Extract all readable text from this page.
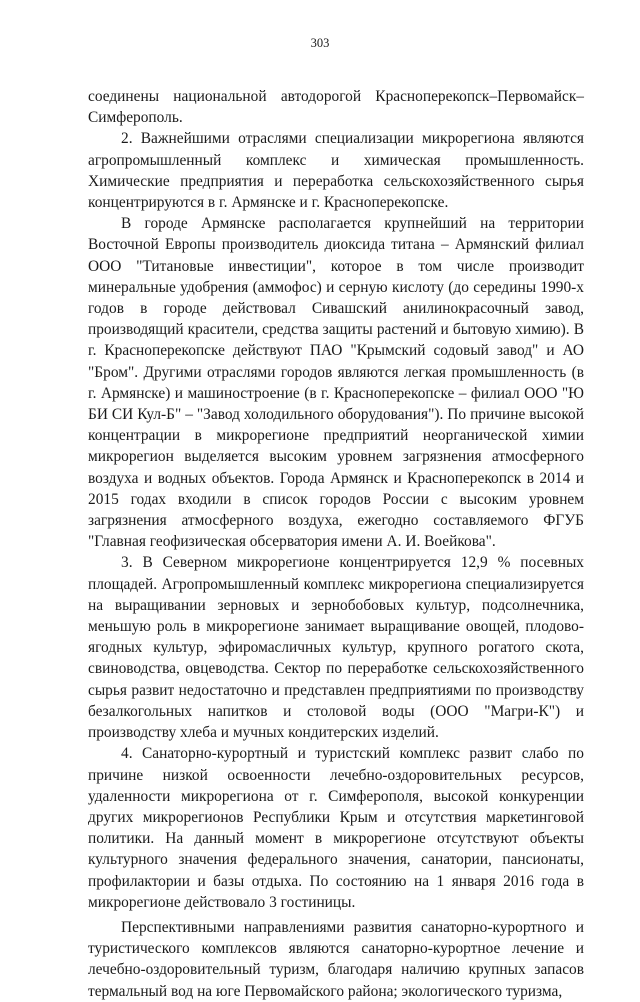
303

соединены национальной автодорогой Красноперекопск–Первомайск–Симферополь.

2. Важнейшими отраслями специализации микрорегиона являются агропромышленный комплекс и химическая промышленность. Химические предприятия и переработка сельскохозяйственного сырья концентрируются в г. Армянске и г. Красноперекопске.

В городе Армянске располагается крупнейший на территории Восточной Европы производитель диоксида титана – Армянский филиал ООО "Титановые инвестиции", которое в том числе производит минеральные удобрения (аммофос) и серную кислоту (до середины 1990-х годов в городе действовал Сивашский анилинокрасочный завод, производящий красители, средства защиты растений и бытовую химию). В г. Красноперекопске действуют ПАО "Крымский содовый завод" и АО "Бром". Другими отраслями городов являются легкая промышленность (в г. Армянске) и машиностроение (в г. Красноперекопске – филиал ООО "Ю БИ СИ Кул-Б" – "Завод холодильного оборудования"). По причине высокой концентрации в микрорегионе предприятий неорганической химии микрорегион выделяется высоким уровнем загрязнения атмосферного воздуха и водных объектов. Города Армянск и Красноперекопск в 2014 и 2015 годах входили в список городов России с высоким уровнем загрязнения атмосферного воздуха, ежегодно составляемого ФГУБ "Главная геофизическая обсерватория имени А. И. Воейкова".

3. В Северном микрорегионе концентрируется 12,9 % посевных площадей. Агропромышленный комплекс микрорегиона специализируется на выращивании зерновых и зернобобовых культур, подсолнечника, меньшую роль в микрорегионе занимает выращивание овощей, плодово-ягодных культур, эфиромасличных культур, крупного рогатого скота, свиноводства, овцеводства. Сектор по переработке сельскохозяйственного сырья развит недостаточно и представлен предприятиями по производству безалкогольных напитков и столовой воды (ООО "Магри-К") и производству хлеба и мучных кондитерских изделий.

4. Санаторно-курортный и туристский комплекс развит слабо по причине низкой освоенности лечебно-оздоровительных ресурсов, удаленности микрорегиона от г. Симферополя, высокой конкуренции других микрорегионов Республики Крым и отсутствия маркетинговой политики. На данный момент в микрорегионе отсутствуют объекты культурного значения федерального значения, санатории, пансионаты, профилактории и базы отдыха. По состоянию на 1 января 2016 года в микрорегионе действовало 3 гостиницы.

Перспективными направлениями развития санаторно-курортного и туристического комплексов являются санаторно-курортное лечение и лечебно-оздоровительный туризм, благодаря наличию крупных запасов термальный вод на юге Первомайского района; экологического туризма,
